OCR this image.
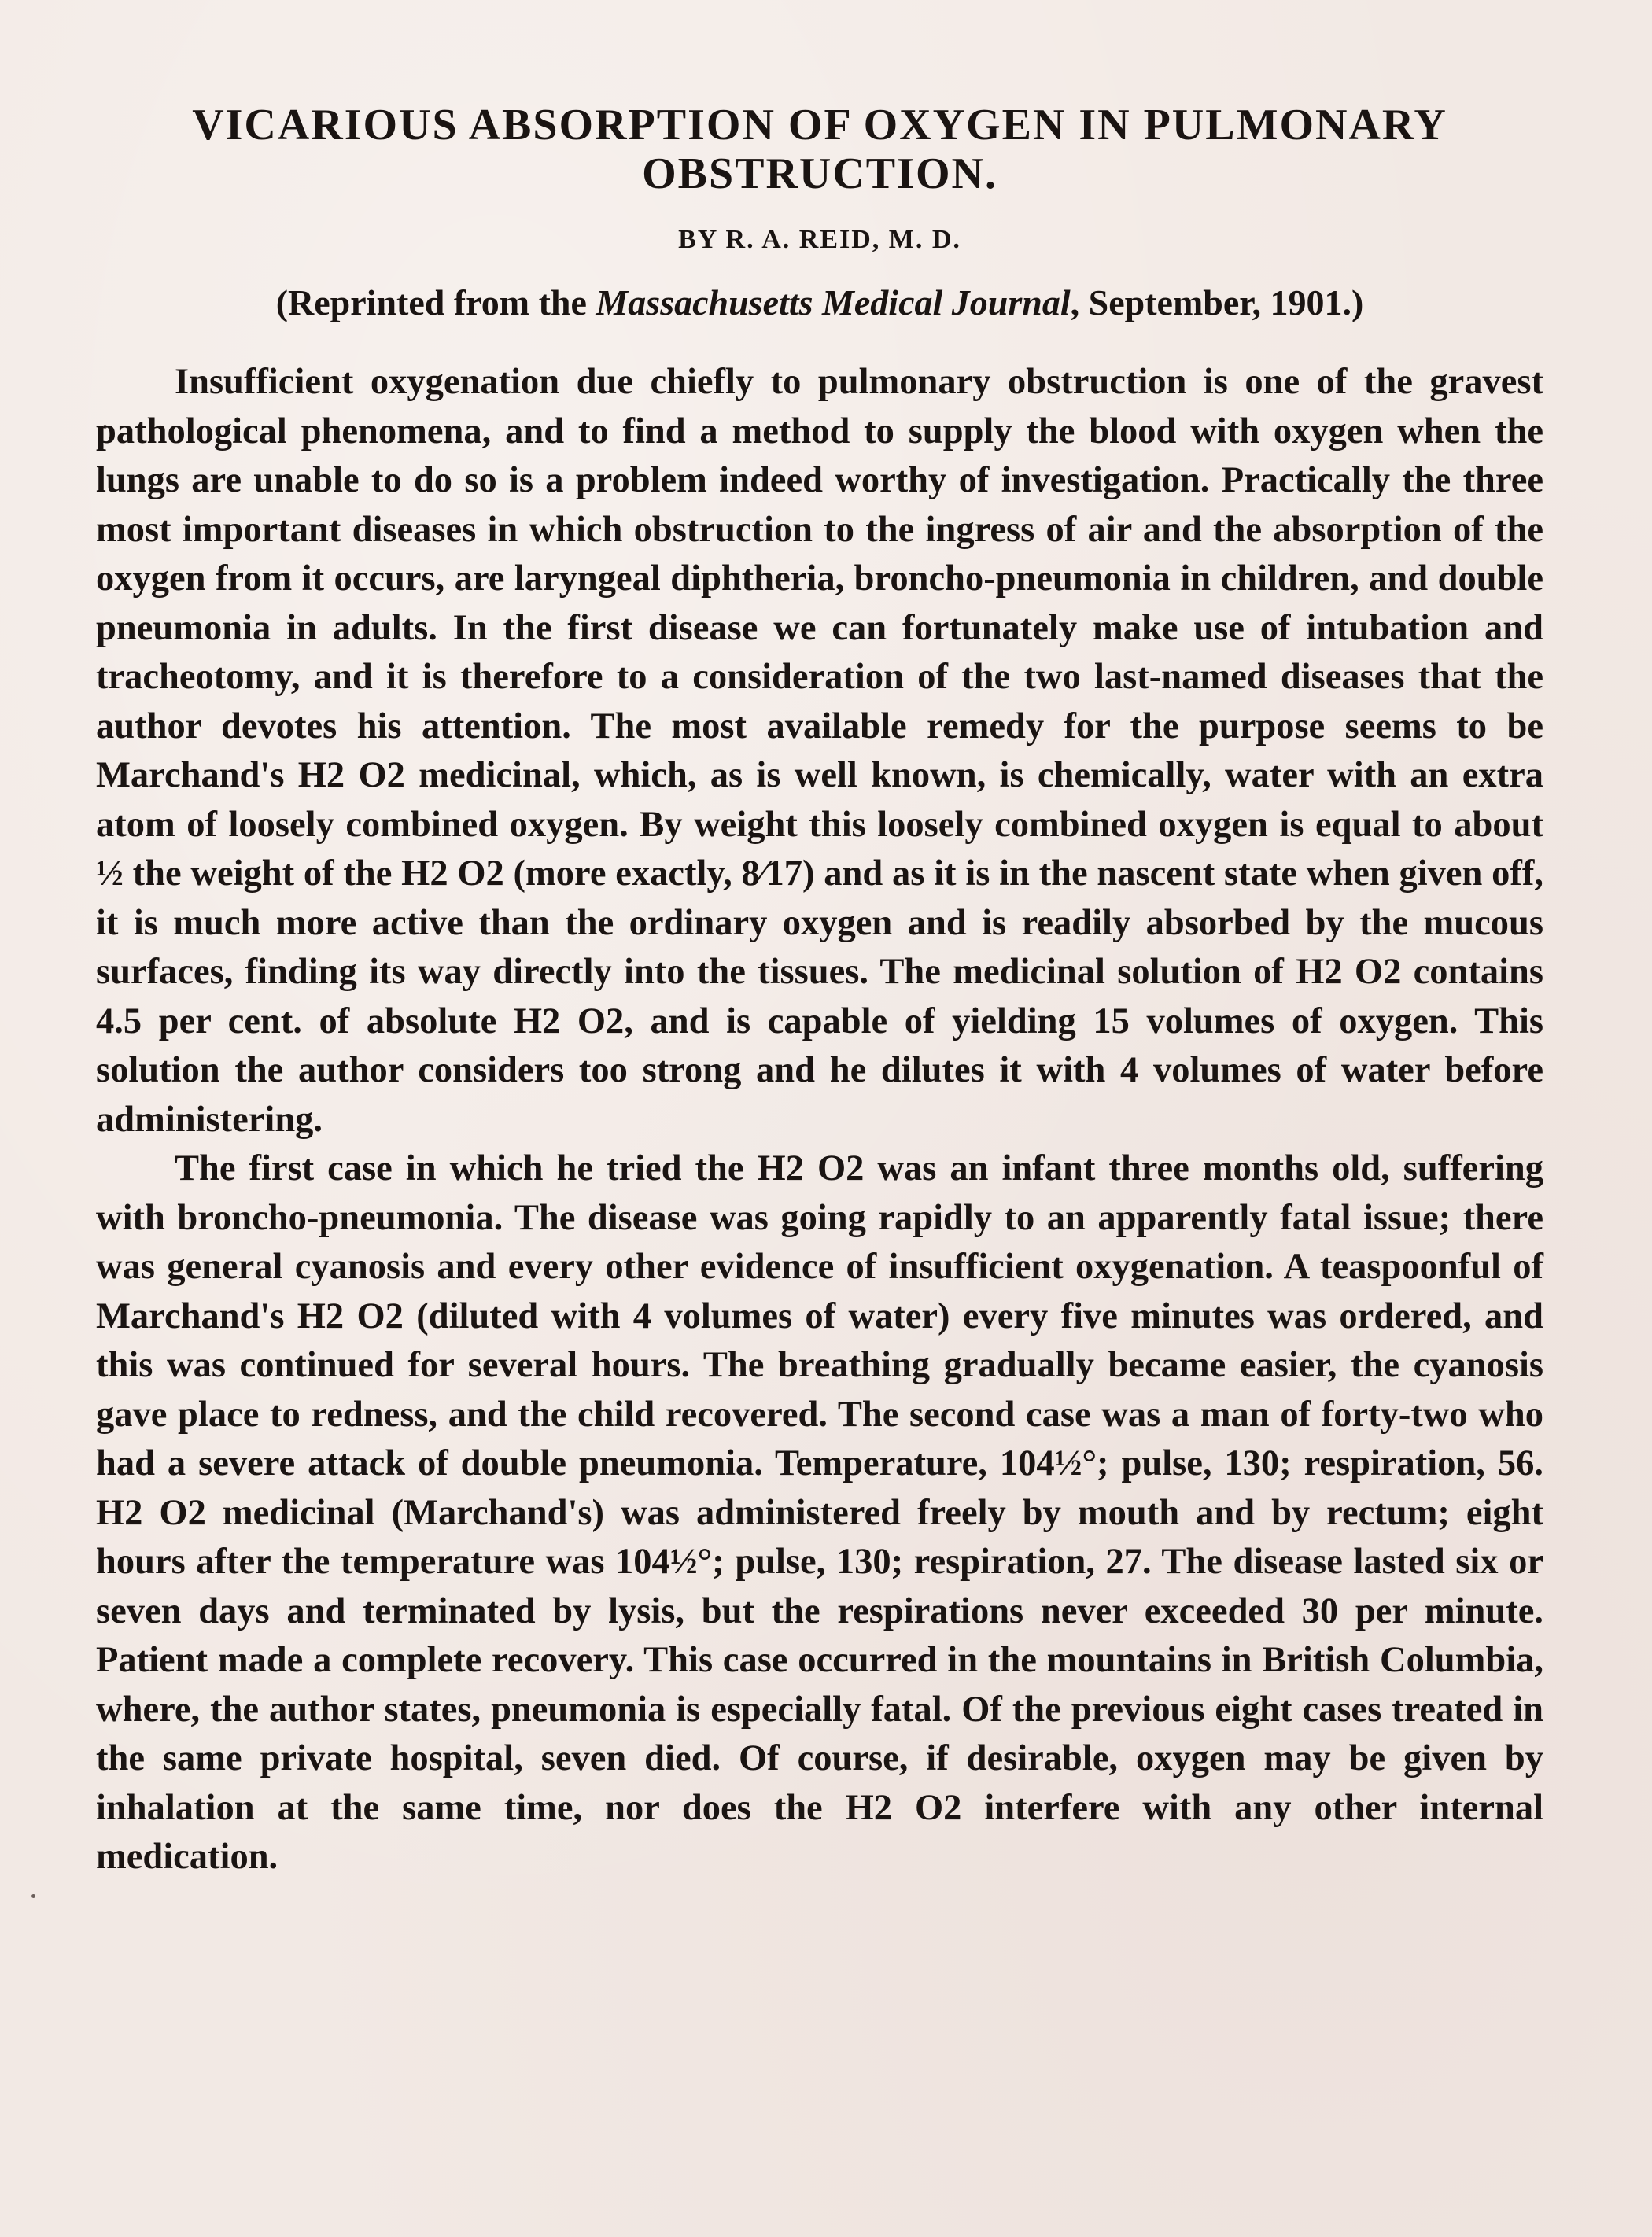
VICARIOUS ABSORPTION OF OXYGEN IN PULMONARY OBSTRUCTION.
BY R. A. REID, M. D.
(Reprinted from the Massachusetts Medical Journal, September, 1901.)

Insufficient oxygenation due chiefly to pulmonary obstruction is one of the gravest pathological phenomena, and to find a method to supply the blood with oxygen when the lungs are unable to do so is a problem indeed worthy of investigation. Practically the three most important diseases in which obstruction to the ingress of air and the absorption of the oxygen from it occurs, are laryngeal diphtheria, broncho-pneumonia in children, and double pneumonia in adults. In the first disease we can fortunately make use of intubation and tracheotomy, and it is therefore to a consideration of the two last-named diseases that the author devotes his attention. The most available remedy for the purpose seems to be Marchand's H2 O2 medicinal, which, as is well known, is chemically, water with an extra atom of loosely combined oxygen. By weight this loosely combined oxygen is equal to about ½ the weight of the H2 O2 (more exactly, 8⁄17) and as it is in the nascent state when given off, it is much more active than the ordinary oxygen and is readily absorbed by the mucous surfaces, finding its way directly into the tissues. The medicinal solution of H2 O2 contains 4.5 per cent. of absolute H2 O2, and is capable of yielding 15 volumes of oxygen. This solution the author considers too strong and he dilutes it with 4 volumes of water before administering.

The first case in which he tried the H2 O2 was an infant three months old, suffering with broncho-pneumonia. The disease was going rapidly to an apparently fatal issue; there was general cyanosis and every other evidence of insufficient oxygenation. A teaspoonful of Marchand's H2 O2 (diluted with 4 volumes of water) every five minutes was ordered, and this was continued for several hours. The breathing gradually became easier, the cyanosis gave place to redness, and the child recovered. The second case was a man of forty-two who had a severe attack of double pneumonia. Temperature, 104½°; pulse, 130; respiration, 56. H2 O2 medicinal (Marchand's) was administered freely by mouth and by rectum; eight hours after the temperature was 104½°; pulse, 130; respiration, 27. The disease lasted six or seven days and terminated by lysis, but the respirations never exceeded 30 per minute. Patient made a complete recovery. This case occurred in the mountains in British Columbia, where, the author states, pneumonia is especially fatal. Of the previous eight cases treated in the same private hospital, seven died. Of course, if desirable, oxygen may be given by inhalation at the same time, nor does the H2 O2 interfere with any other internal medication.
